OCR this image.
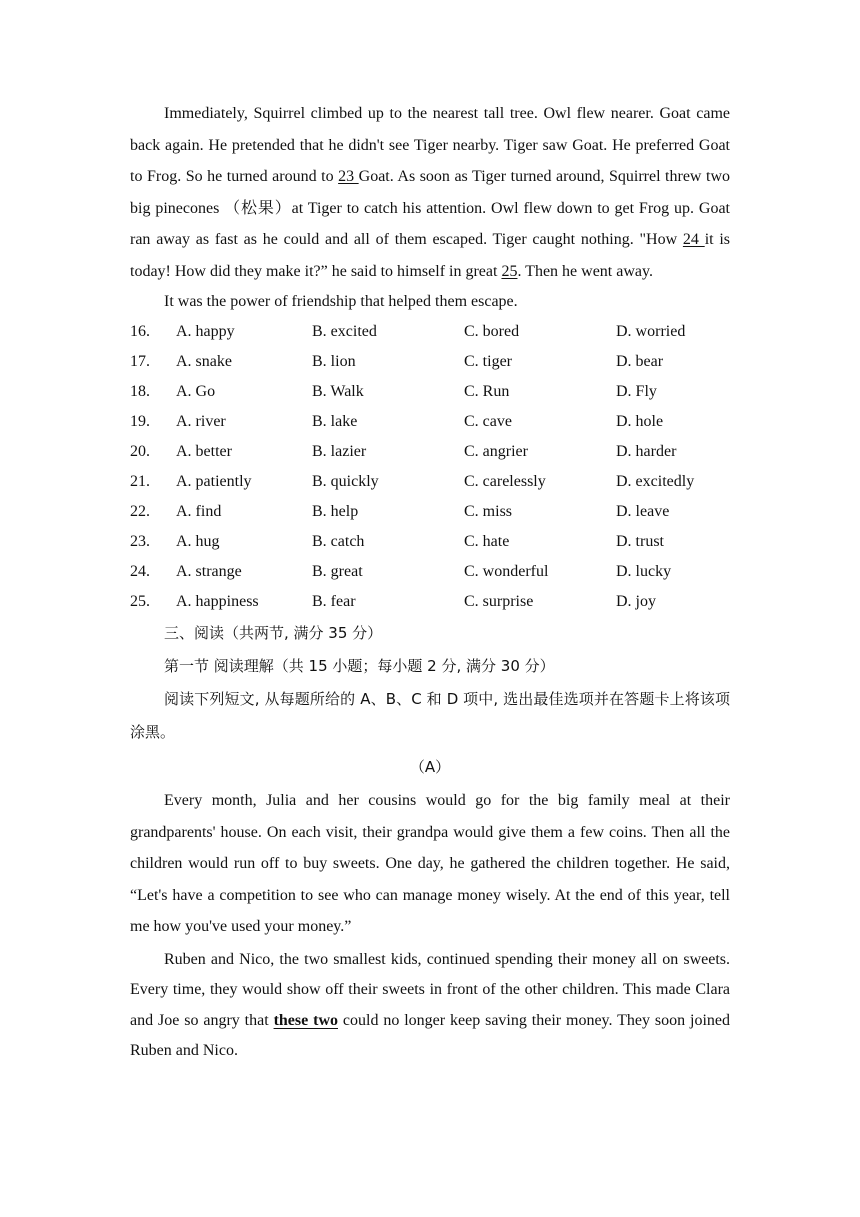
Immediately, Squirrel climbed up to the nearest tall tree. Owl flew nearer. Goat came back again. He pretended that he didn't see Tiger nearby. Tiger saw Goat. He preferred Goat to Frog. So he turned around to 23 Goat. As soon as Tiger turned around, Squirrel threw two big pinecones （松果）at Tiger to catch his attention. Owl flew down to get Frog up. Goat ran away as fast as he could and all of them escaped. Tiger caught nothing. "How 24 it is today! How did they make it?” he said to himself in great 25. Then he went away.

It was the power of friendship that helped them escape.

16.	A. happy	B. excited	C. bored	D. worried
17.	A. snake	B. lion	C. tiger	D. bear
18.	A. Go	B. Walk	C. Run	D. Fly
19.	A. river	B. lake	C. cave	D. hole
20.	A. better	B. lazier	C. angrier	D. harder
21.	A. patiently	B. quickly	C. carelessly	D. excitedly
22.	A. find	B. help	C. miss	D. leave
23.	A. hug	B. catch	C. hate	D. trust
24.	A. strange	B. great	C. wonderful	D. lucky
25.	A. happiness	B. fear	C. surprise	D. joy

三、阅读（共两节, 满分 35 分）

第一节 阅读理解（共 15 小题；每小题 2 分, 满分 30 分）

阅读下列短文, 从每题所给的 A、B、C 和 D 项中, 选出最佳选项并在答题卡上将该项涂黑。

（A）

Every month, Julia and her cousins would go for the big family meal at their grandparents' house. On each visit, their grandpa would give them a few coins. Then all the children would run off to buy sweets. One day, he gathered the children together. He said, “Let's have a competition to see who can manage money wisely. At the end of this year, tell me how you've used your money.”

Ruben and Nico, the two smallest kids, continued spending their money all on sweets. Every time, they would show off their sweets in front of the other children. This made Clara and Joe so angry that these two could no longer keep saving their money. They soon joined Ruben and Nico.
